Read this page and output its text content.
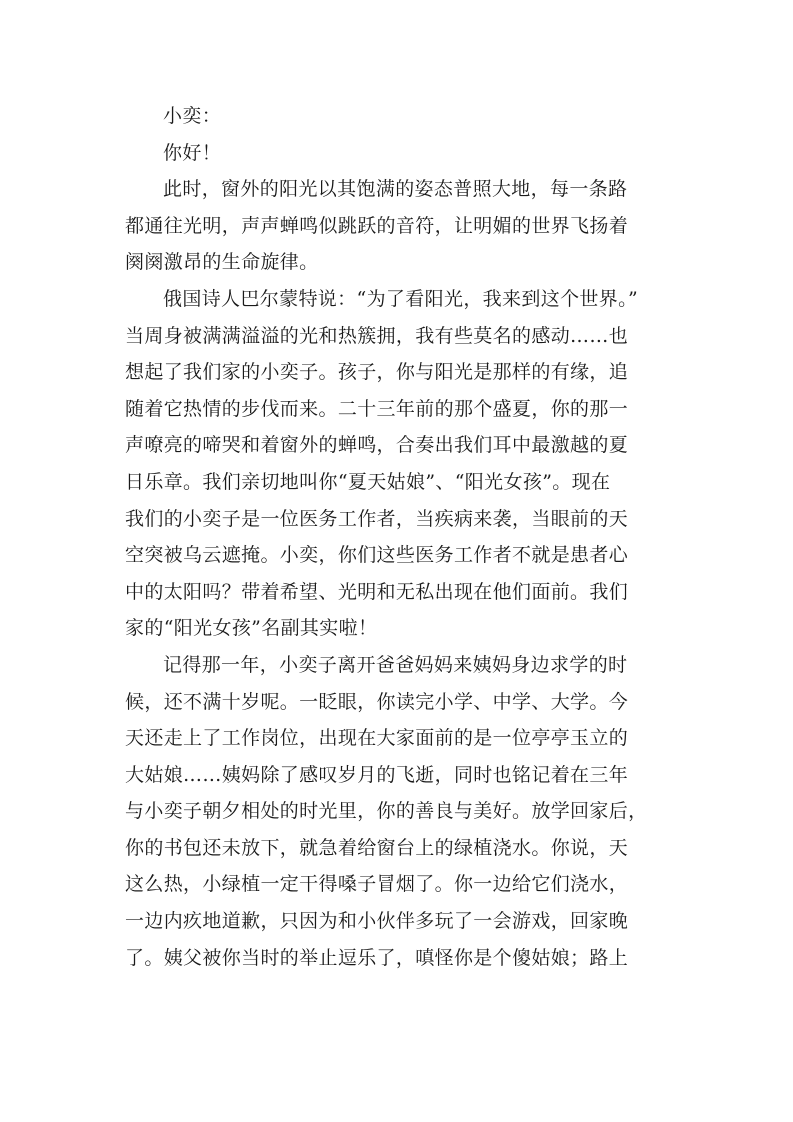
小奕：
你好！
此时，窗外的阳光以其饱满的姿态普照大地，每一条路
都通往光明，声声蝉鸣似跳跃的音符，让明媚的世界飞扬着
阕阕激昂的生命旋律。
俄国诗人巴尔蒙特说：“为了看阳光，我来到这个世界。”
当周身被满满溢溢的光和热簇拥，我有些莫名的感动……也
想起了我们家的小奕子。孩子，你与阳光是那样的有缘，追
随着它热情的步伐而来。二十三年前的那个盛夏，你的那一
声嘹亮的啼哭和着窗外的蝉鸣，合奏出我们耳中最激越的夏
日乐章。我们亲切地叫你“夏天姑娘”、“阳光女孩”。现在
我们的小奕子是一位医务工作者，当疾病来袭，当眼前的天
空突被乌云遮掩。小奕，你们这些医务工作者不就是患者心
中的太阳吗？带着希望、光明和无私出现在他们面前。我们
家的“阳光女孩”名副其实啦！
记得那一年，小奕子离开爸爸妈妈来姨妈身边求学的时
候，还不满十岁呢。一眨眼，你读完小学、中学、大学。今
天还走上了工作岗位，出现在大家面前的是一位亭亭玉立的
大姑娘……姨妈除了感叹岁月的飞逝，同时也铭记着在三年
与小奕子朝夕相处的时光里，你的善良与美好。放学回家后，
你的书包还未放下，就急着给窗台上的绿植浇水。你说，天
这么热，小绿植一定干得嗓子冒烟了。你一边给它们浇水，
一边内疚地道歉，只因为和小伙伴多玩了一会游戏，回家晚
了。姨父被你当时的举止逗乐了，嗔怪你是个傻姑娘；路上
